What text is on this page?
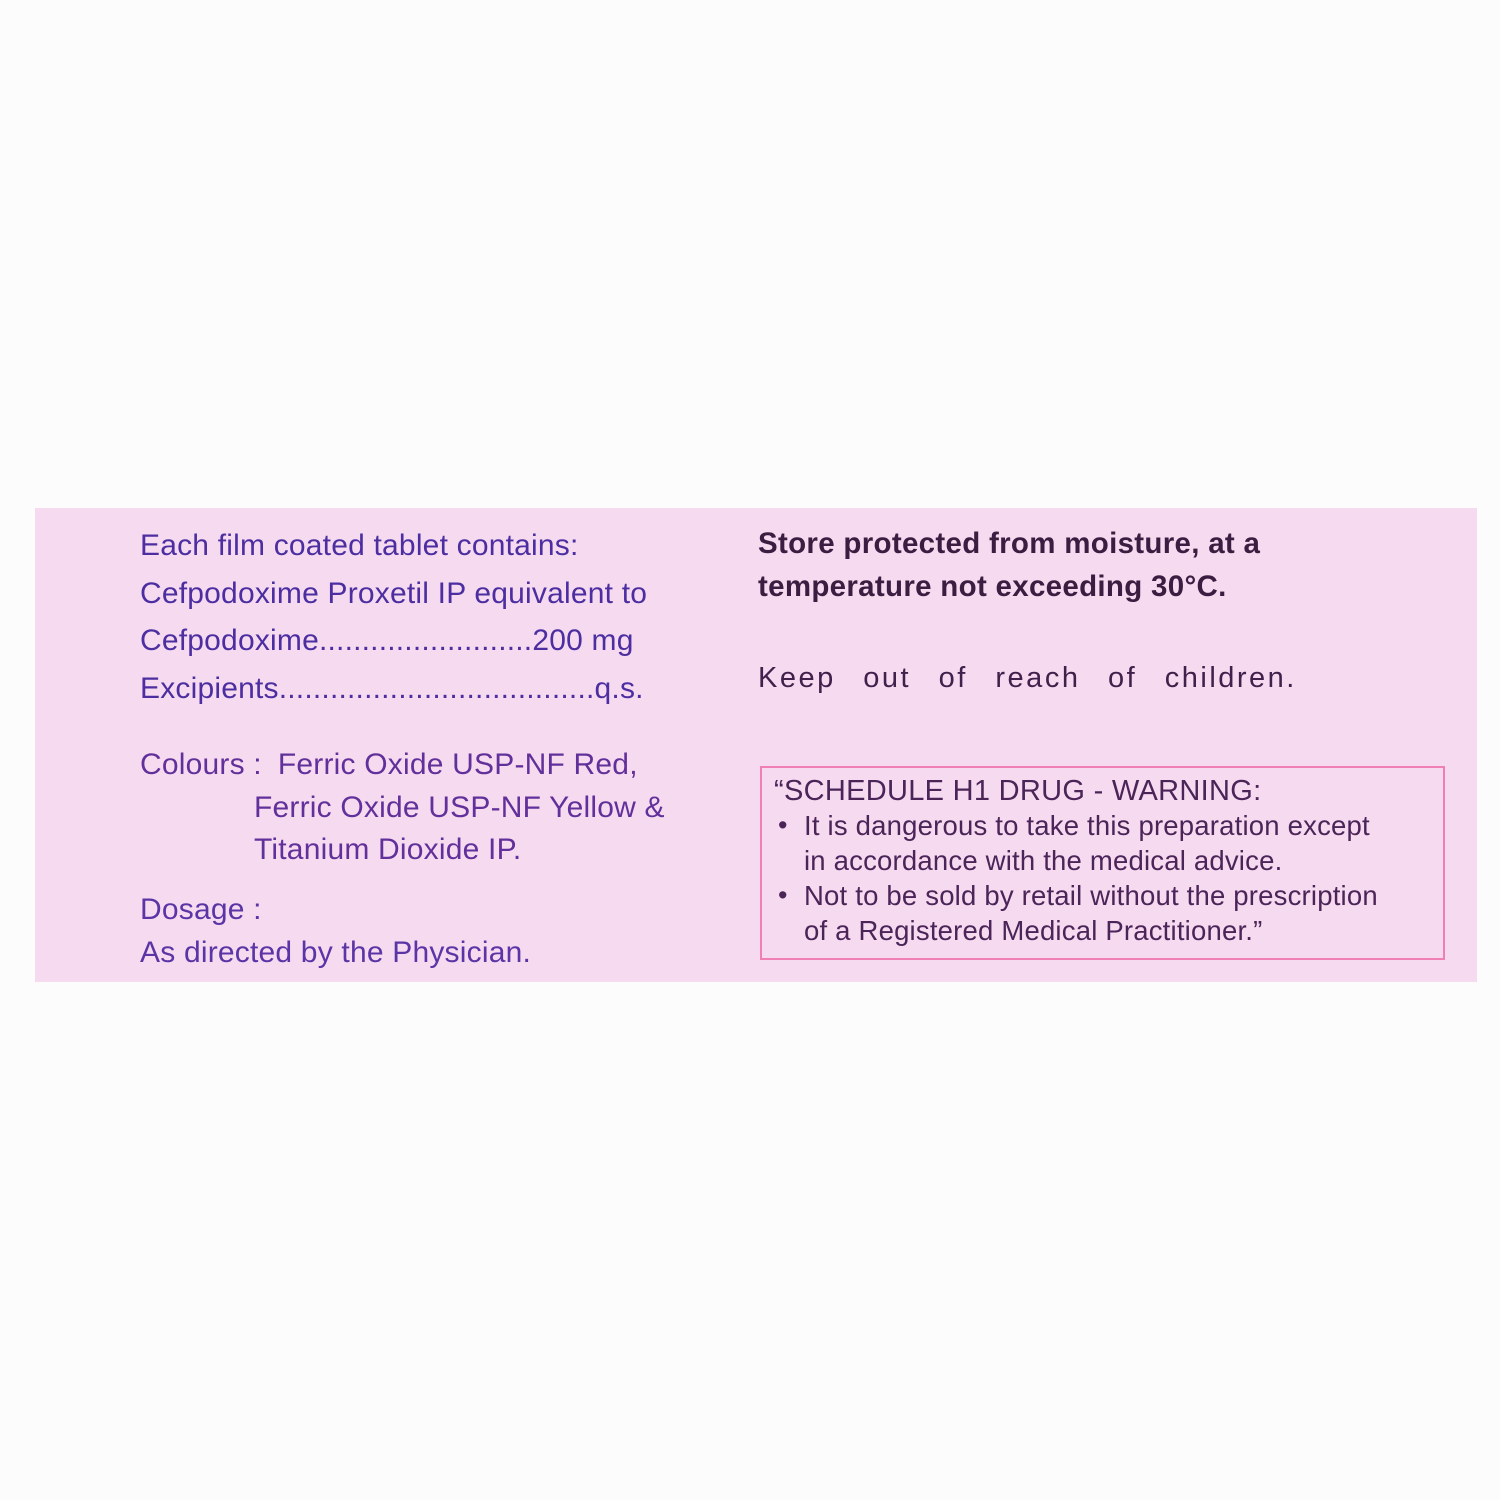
Each film coated tablet contains:

Cefpodoxime Proxetil IP equivalent to

Cefpodoxime.........................200 mg

Excipients.....................................q.s.

Colours : Ferric Oxide USP-NF Red,

Ferric Oxide USP-NF Yellow &

Titanium Dioxide IP.

Dosage :

As directed by the Physician.

Store protected from moisture, at a

temperature not exceeding 30°C.

Keep out of reach of children.

“SCHEDULE H1 DRUG - WARNING:

• It is dangerous to take this preparation except
in accordance with the medical advice.
• Not to be sold by retail without the prescription
of a Registered Medical Practitioner.”
